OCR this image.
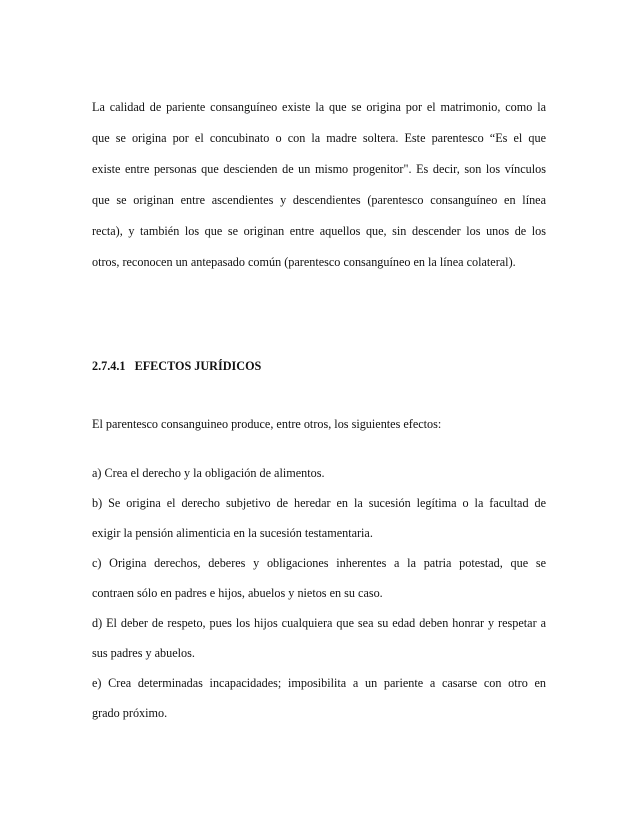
La calidad de pariente consanguíneo existe la que se origina por el matrimonio, como la
que se origina por el concubinato o con la madre soltera. Este parentesco “Es el que
existe entre personas que descienden de un mismo progenitor". Es decir, son los vínculos
que se originan entre ascendientes y descendientes (parentesco consanguíneo en línea
recta), y también los que se originan entre aquellos que, sin descender los unos de los
otros, reconocen un antepasado común (parentesco consanguíneo en la línea colateral).
2.7.4.1 EFECTOS JURÍDICOS
El parentesco consanguineo produce, entre otros, los siguientes efectos:
a) Crea el derecho y la obligación de alimentos.
b) Se origina el derecho subjetivo de heredar en la sucesión legítima o la facultad de
exigir la pensión alimenticia en la sucesión testamentaria.
c) Origina derechos, deberes y obligaciones inherentes a la patria potestad, que se
contraen sólo en padres e hijos, abuelos y nietos en su caso.
d) El deber de respeto, pues los hijos cualquiera que sea su edad deben honrar y respetar a
sus padres y abuelos.
e) Crea determinadas incapacidades; imposibilita a un pariente a casarse con otro en
grado próximo.
